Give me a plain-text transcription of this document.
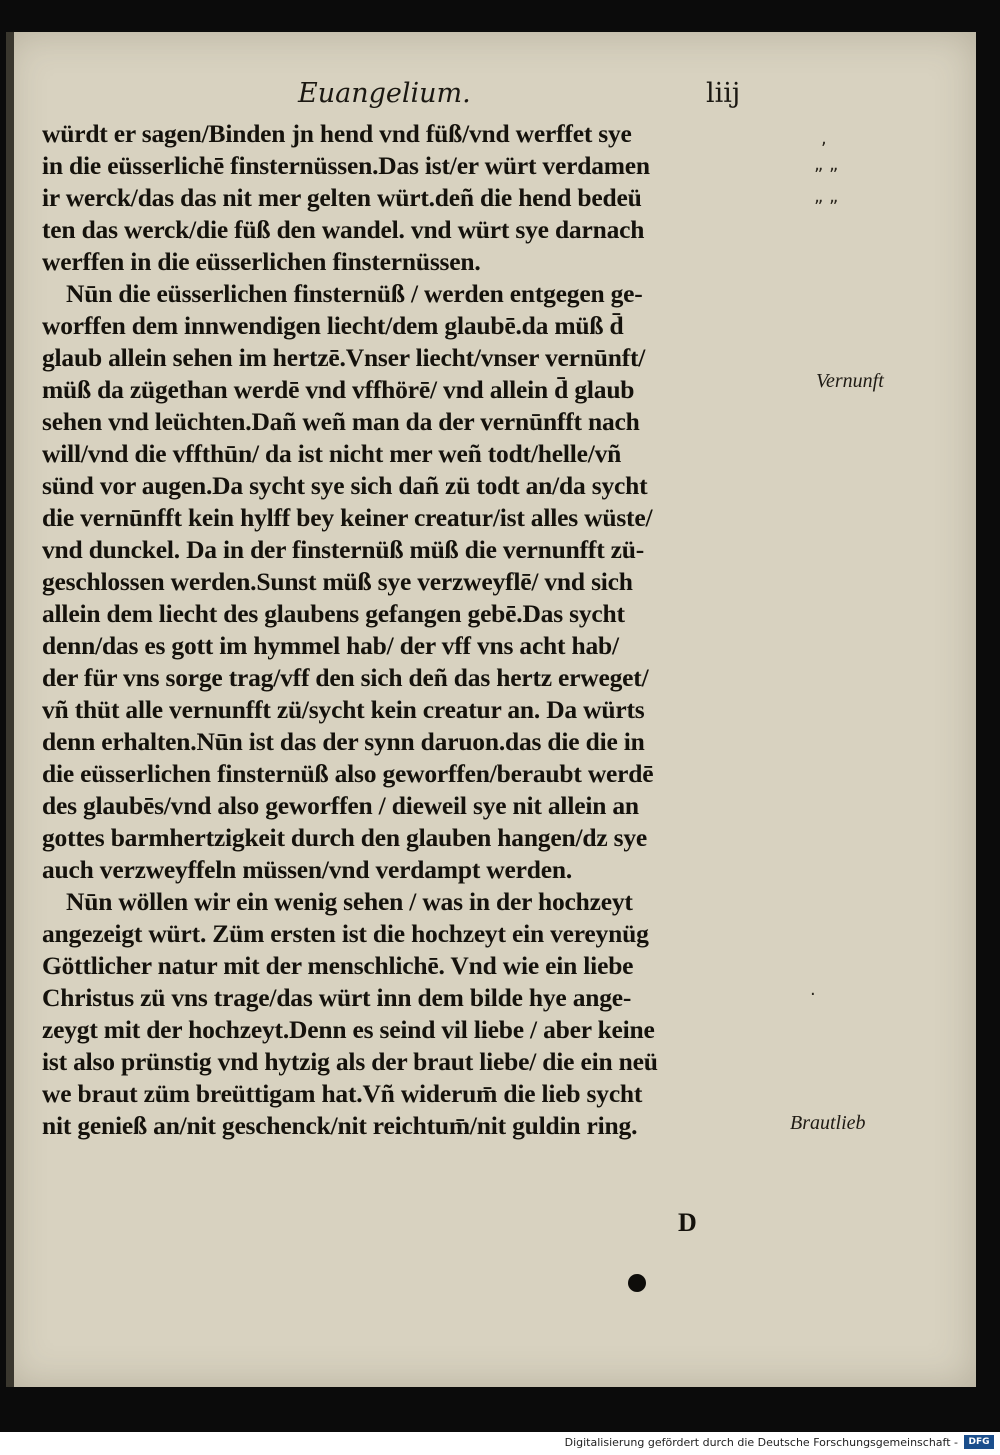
Euangelium.	liij
würdt er sagen/Binden jn hend vnd füß/vnd werffet sye
in die eüsserlichē finsternüssen.Das ist/er würt verdamen
ir werck/das das nit mer gelten würt.deñ die hend bedeü
ten das werck/die füß den wandel. vnd würt sye darnach
werffen in die eüsserlichen finsternüssen.
Nūn die eüsserlichen finsternüß / werden entgegen ge-
worffen dem innwendigen liecht/dem glaubē.da müß d̄
glaub allein sehen im hertzē.Vnser liecht/vnser vernūnft/
müß da zügethan werdē vnd vffhörē/ vnd allein d̄ glaub
sehen vnd leüchten.Dañ weñ man da der vernūnfft nach
will/vnd die vffthūn/ da ist nicht mer weñ todt/helle/vñ
sünd vor augen.Da sycht sye sich dañ zü todt an/da sycht
die vernūnfft kein hylff bey keiner creatur/ist alles wüste/
vnd dunckel. Da in der finsternüß müß die vernunfft zü-
geschlossen werden.Sunst müß sye verzweyflē/ vnd sich
allein dem liecht des glaubens gefangen gebē.Das sycht
denn/das es gott im hymmel hab/ der vff vns acht hab/
der für vns sorge trag/vff den sich deñ das hertz erweget/
vñ thüt alle vernunfft zü/sycht kein creatur an. Da würts
denn erhalten.Nūn ist das der synn daruon.das die die in
die eüsserlichen finsternüß also geworffen/beraubt werdē
des glaubēs/vnd also geworffen / dieweil sye nit allein an
gottes barmhertzigkeit durch den glauben hangen/dz sye
auch verzweyffeln müssen/vnd verdampt werden.
Nūn wöllen wir ein wenig sehen / was in der hochzeyt
angezeigt würt. Züm ersten ist die hochzeyt ein vereynüg
Göttlicher natur mit der menschlichē. Vnd wie ein liebe
Christus zü vns trage/das würt inn dem bilde hye ange-
zeygt mit der hochzeyt.Denn es seind vil liebe / aber keine
ist also prünstig vnd hytzig als der braut liebe/ die ein neü
we braut züm breüttigam hat.Vñ widerum̄ die lieb sycht
nit genieß an/nit geschenck/nit reichtum̄/nit guldin ring.
Vernunft
Brautlieb
,
„ „
„ „
·
D
Digitalisierung gefördert durch die Deutsche Forschungsgemeinschaft -	DFG
